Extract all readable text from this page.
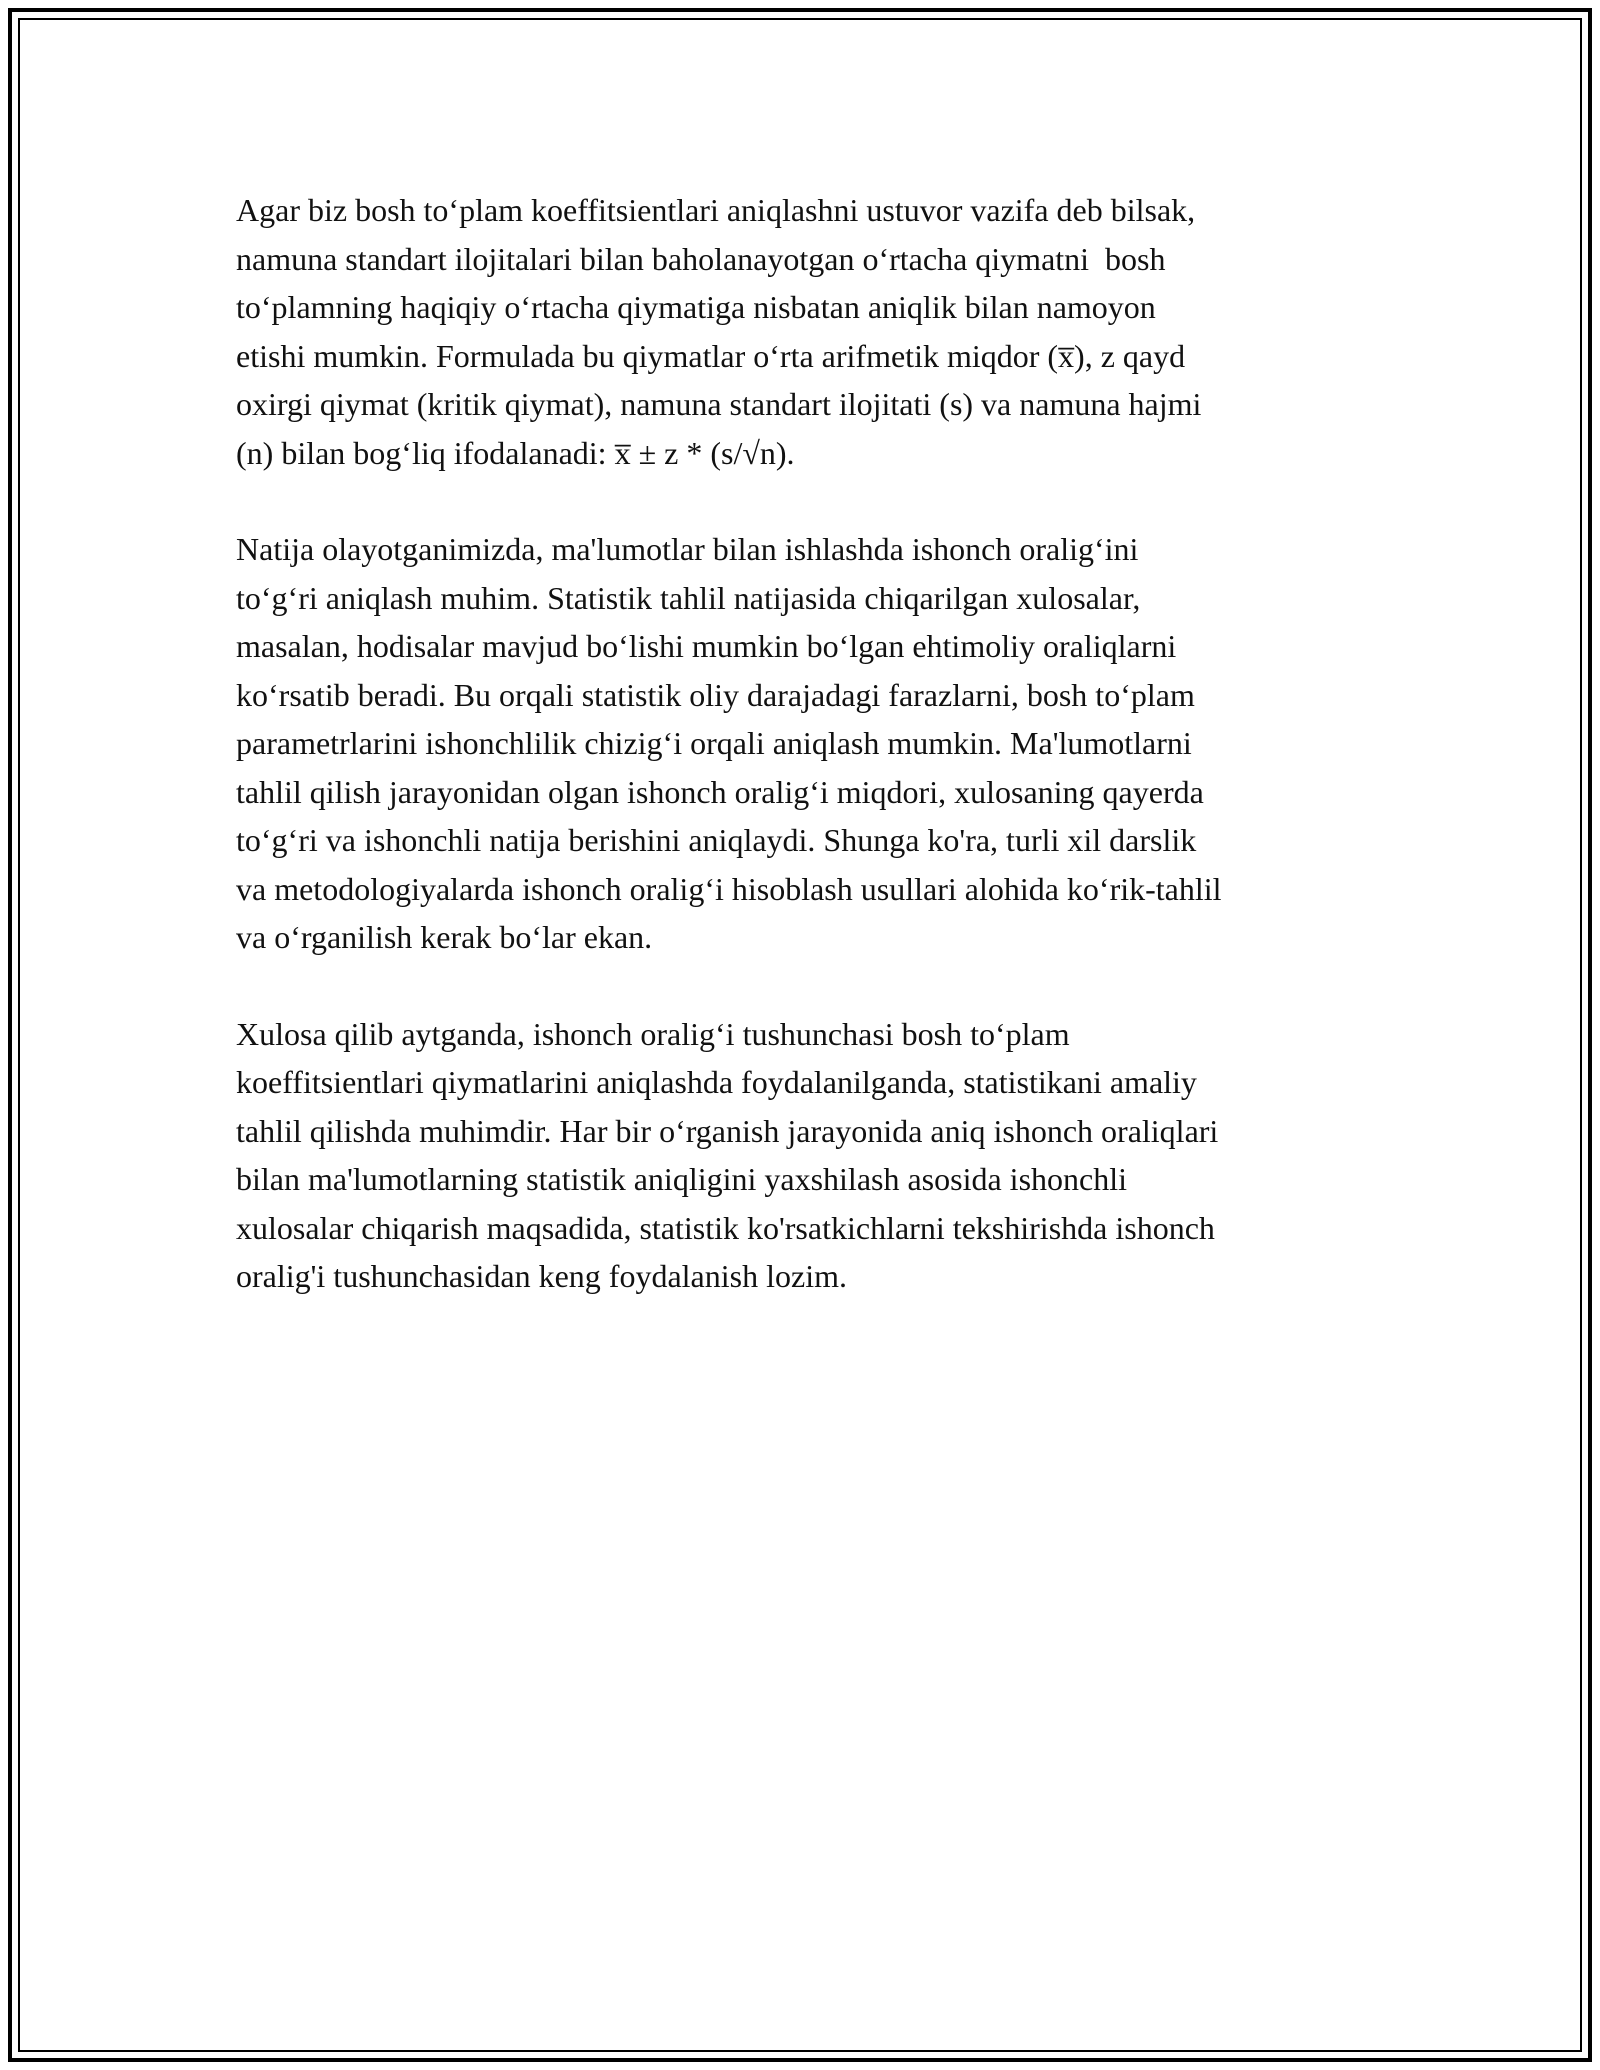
Agar biz bosh to‘plam koeffitsientlari aniqlashni ustuvor vazifa deb bilsak,
namuna standart ilojitalari bilan baholanayotgan o‘rtacha qiymatni  bosh
to‘plamning haqiqiy o‘rtacha qiymatiga nisbatan aniqlik bilan namoyon
etishi mumkin. Formulada bu qiymatlar o‘rta arifmetik miqdor (x̅), z qayd
oxirgi qiymat (kritik qiymat), namuna standart ilojitati (s) va namuna hajmi
(n) bilan bog‘liq ifodalanadi: x̅ ± z * (s/√n).

Natija olayotganimizda, ma'lumotlar bilan ishlashda ishonch oralig‘ini
to‘g‘ri aniqlash muhim. Statistik tahlil natijasida chiqarilgan xulosalar,
masalan, hodisalar mavjud bo‘lishi mumkin bo‘lgan ehtimoliy oraliqlarni
ko‘rsatib beradi. Bu orqali statistik oliy darajadagi farazlarni, bosh to‘plam
parametrlarini ishonchlilik chizig‘i orqali aniqlash mumkin. Ma'lumotlarni
tahlil qilish jarayonidan olgan ishonch oralig‘i miqdori, xulosaning qayerda
to‘g‘ri va ishonchli natija berishini aniqlaydi. Shunga ko'ra, turli xil darslik
va metodologiyalarda ishonch oralig‘i hisoblash usullari alohida ko‘rik-tahlil
va o‘rganilish kerak bo‘lar ekan.

Xulosa qilib aytganda, ishonch oralig‘i tushunchasi bosh to‘plam
koeffitsientlari qiymatlarini aniqlashda foydalanilganda, statistikani amaliy
tahlil qilishda muhimdir. Har bir o‘rganish jarayonida aniq ishonch oraliqlari
bilan ma'lumotlarning statistik aniqligini yaxshilash asosida ishonchli
xulosalar chiqarish maqsadida, statistik ko'rsatkichlarni tekshirishda ishonch
oralig'i tushunchasidan keng foydalanish lozim.
